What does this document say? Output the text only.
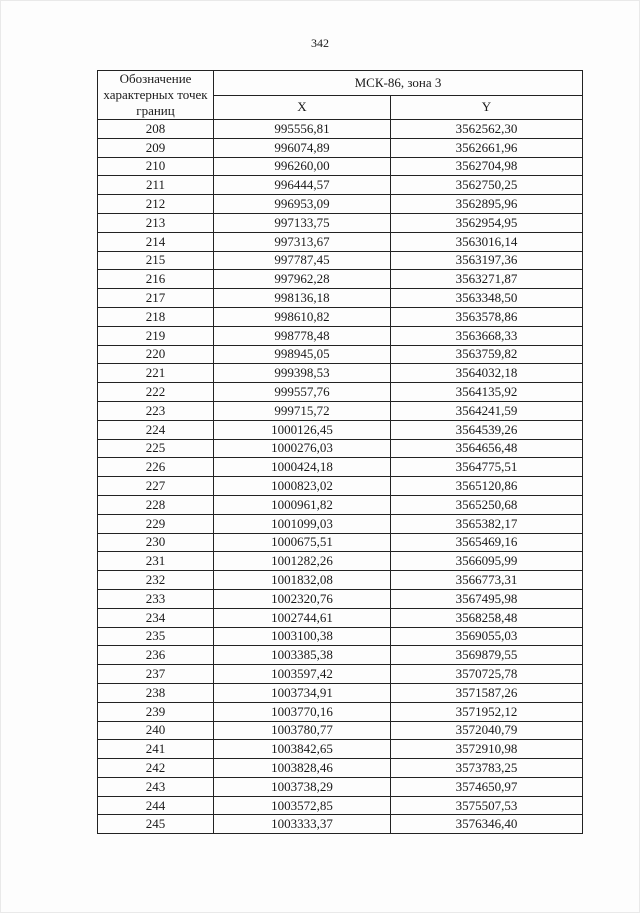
342
Обозначение характерных точек границ	МСК-86, зона 3	
	X	Y
208	995556,81	3562562,30
209	996074,89	3562661,96
210	996260,00	3562704,98
211	996444,57	3562750,25
212	996953,09	3562895,96
213	997133,75	3562954,95
214	997313,67	3563016,14
215	997787,45	3563197,36
216	997962,28	3563271,87
217	998136,18	3563348,50
218	998610,82	3563578,86
219	998778,48	3563668,33
220	998945,05	3563759,82
221	999398,53	3564032,18
222	999557,76	3564135,92
223	999715,72	3564241,59
224	1000126,45	3564539,26
225	1000276,03	3564656,48
226	1000424,18	3564775,51
227	1000823,02	3565120,86
228	1000961,82	3565250,68
229	1001099,03	3565382,17
230	1000675,51	3565469,16
231	1001282,26	3566095,99
232	1001832,08	3566773,31
233	1002320,76	3567495,98
234	1002744,61	3568258,48
235	1003100,38	3569055,03
236	1003385,38	3569879,55
237	1003597,42	3570725,78
238	1003734,91	3571587,26
239	1003770,16	3571952,12
240	1003780,77	3572040,79
241	1003842,65	3572910,98
242	1003828,46	3573783,25
243	1003738,29	3574650,97
244	1003572,85	3575507,53
245	1003333,37	3576346,40
